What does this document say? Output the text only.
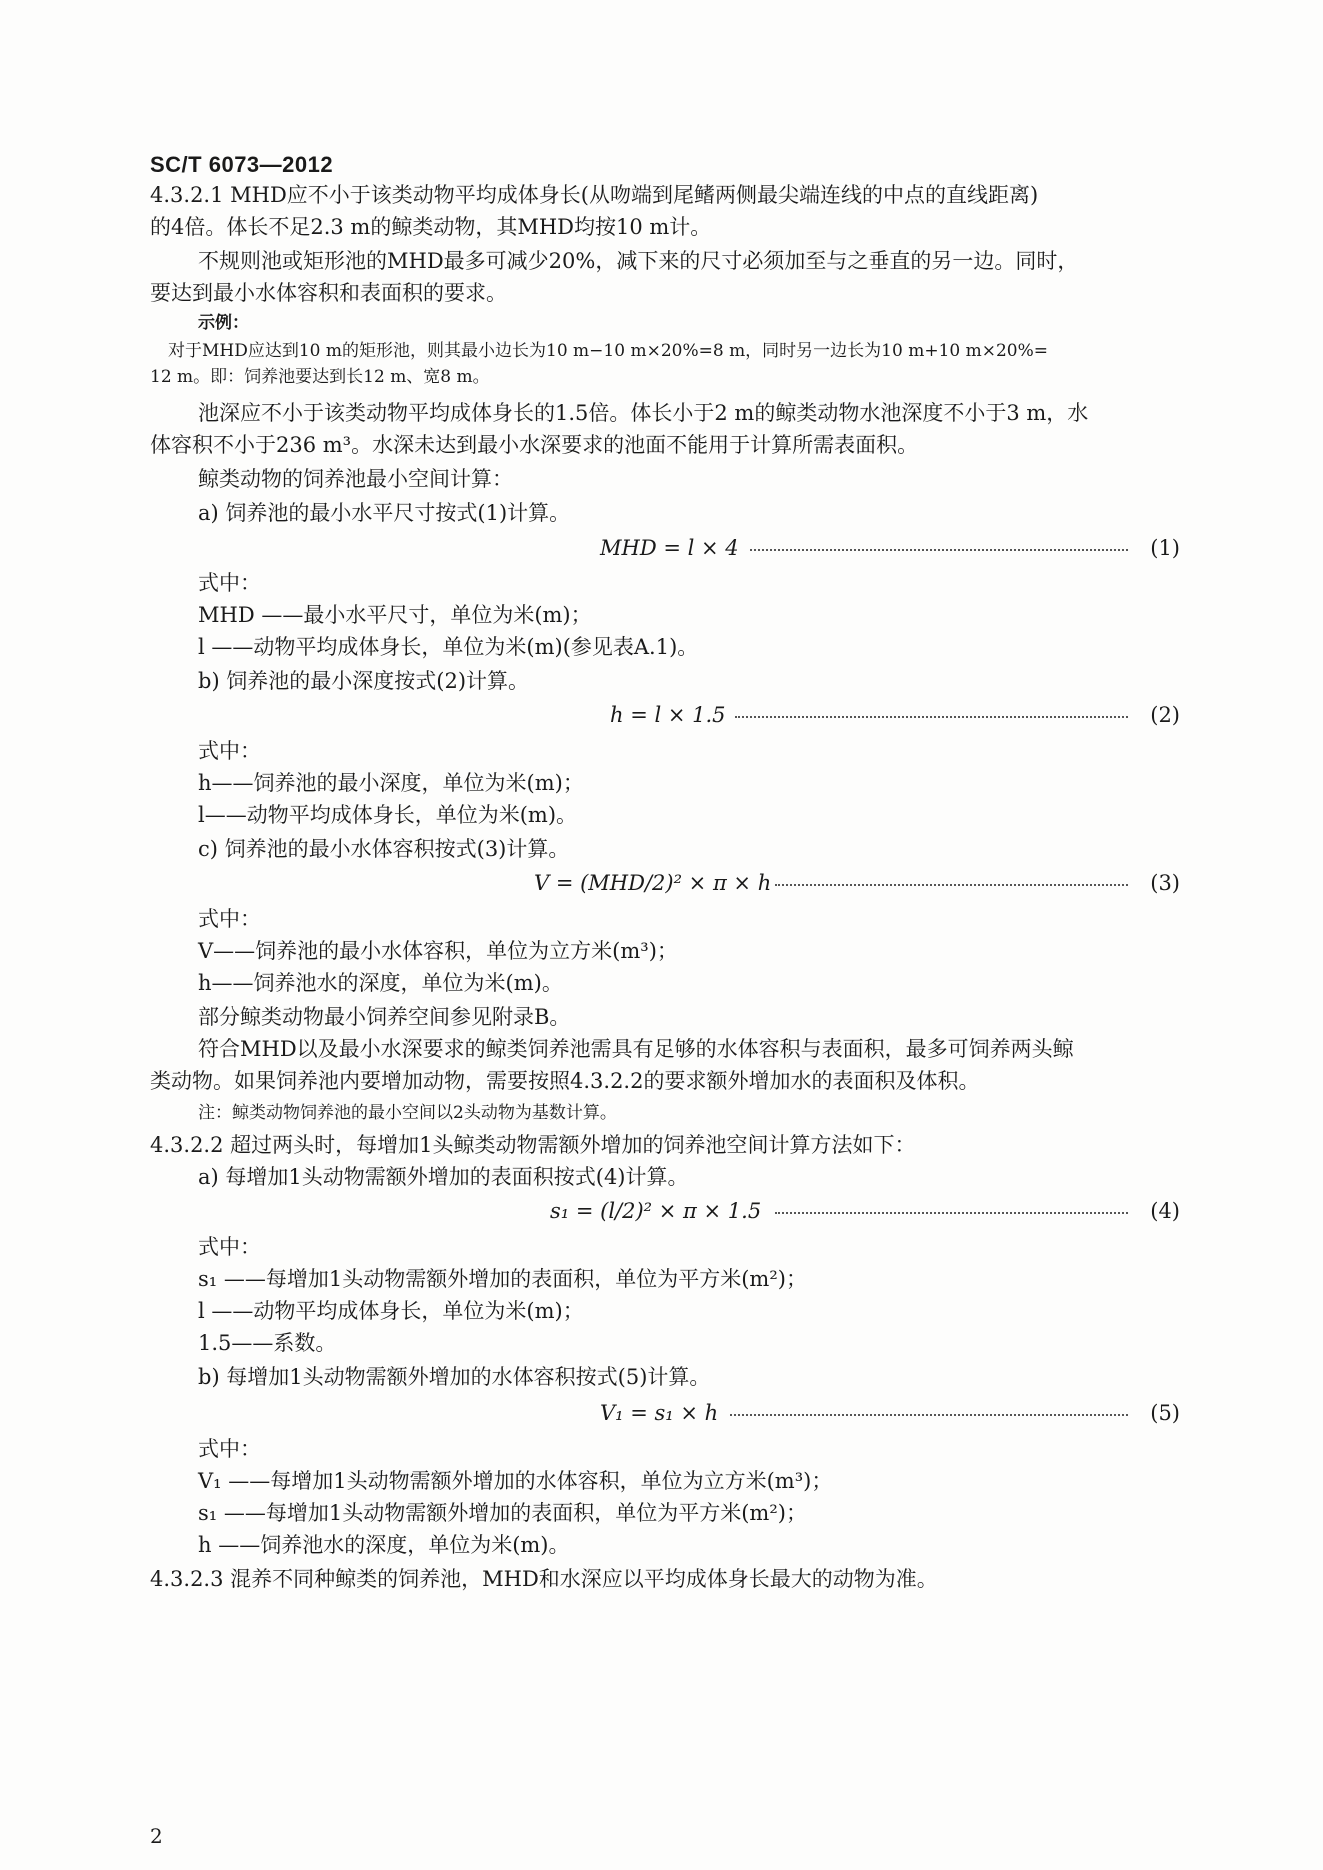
SC/T 6073—2012
4.3.2.1 MHD应不小于该类动物平均成体身长(从吻端到尾鳍两侧最尖端连线的中点的直线距离)
的4倍。体长不足2.3 m的鲸类动物，其MHD均按10 m计。
不规则池或矩形池的MHD最多可减少20%，减下来的尺寸必须加至与之垂直的另一边。同时，
要达到最小水体容积和表面积的要求。
示例：
对于MHD应达到10 m的矩形池，则其最小边长为10 m−10 m×20%=8 m，同时另一边长为10 m+10 m×20%=
12 m。即：饲养池要达到长12 m、宽8 m。
池深应不小于该类动物平均成体身长的1.5倍。体长小于2 m的鲸类动物水池深度不小于3 m，水
体容积不小于236 m³。水深未达到最小水深要求的池面不能用于计算所需表面积。
鲸类动物的饲养池最小空间计算：
a) 饲养池的最小水平尺寸按式(1)计算。
MHD = l × 4	(1)
式中：
MHD ——最小水平尺寸，单位为米(m)；
l ——动物平均成体身长，单位为米(m)(参见表A.1)。
b) 饲养池的最小深度按式(2)计算。
h = l × 1.5	(2)
式中：
h——饲养池的最小深度，单位为米(m)；
l——动物平均成体身长，单位为米(m)。
c) 饲养池的最小水体容积按式(3)计算。
V = (MHD/2)² × π × h	(3)
式中：
V——饲养池的最小水体容积，单位为立方米(m³)；
h——饲养池水的深度，单位为米(m)。
部分鲸类动物最小饲养空间参见附录B。
符合MHD以及最小水深要求的鲸类饲养池需具有足够的水体容积与表面积，最多可饲养两头鲸
类动物。如果饲养池内要增加动物，需要按照4.3.2.2的要求额外增加水的表面积及体积。
注：鲸类动物饲养池的最小空间以2头动物为基数计算。
4.3.2.2 超过两头时，每增加1头鲸类动物需额外增加的饲养池空间计算方法如下：
a) 每增加1头动物需额外增加的表面积按式(4)计算。
s₁ = (l/2)² × π × 1.5	(4)
式中：
s₁ ——每增加1头动物需额外增加的表面积，单位为平方米(m²)；
l ——动物平均成体身长，单位为米(m)；
1.5——系数。
b) 每增加1头动物需额外增加的水体容积按式(5)计算。
V₁ = s₁ × h	(5)
式中：
V₁ ——每增加1头动物需额外增加的水体容积，单位为立方米(m³)；
s₁ ——每增加1头动物需额外增加的表面积，单位为平方米(m²)；
h ——饲养池水的深度，单位为米(m)。
4.3.2.3 混养不同种鲸类的饲养池，MHD和水深应以平均成体身长最大的动物为准。
2
